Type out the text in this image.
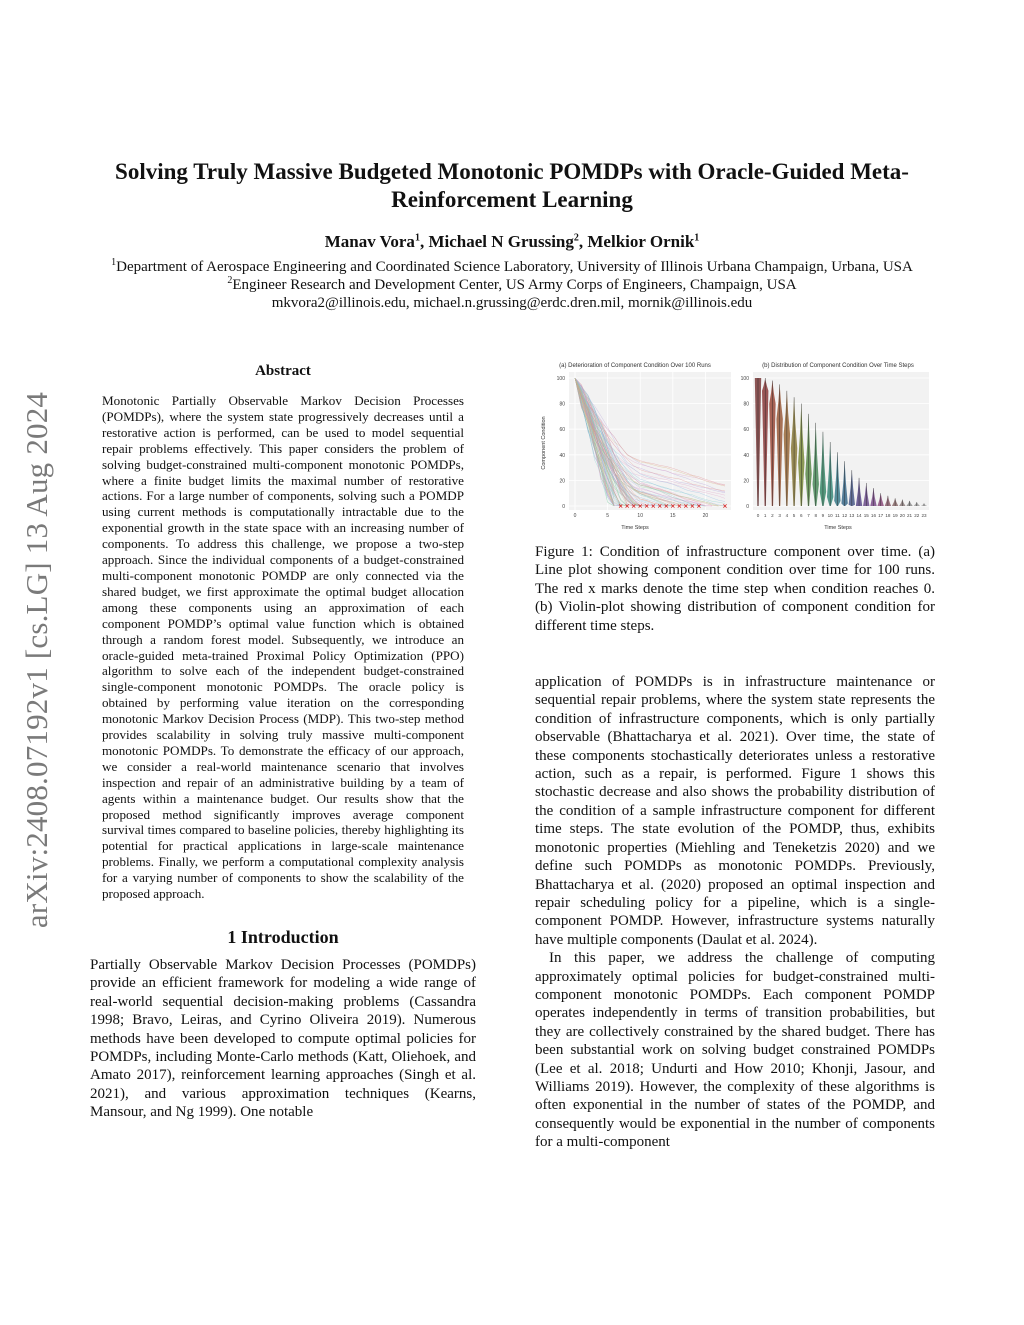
arXiv:2408.07192v1 [cs.LG] 13 Aug 2024
Solving Truly Massive Budgeted Monotonic POMDPs with Oracle-Guided Meta-Reinforcement Learning
Manav Vora$^1$, Michael N Grussing$^2$, Melkior Ornik$^1$
$^1$Department of Aerospace Engineering and Coordinated Science Laboratory, University of Illinois Urbana Champaign, Urbana, USA
$^2$Engineer Research and Development Center, US Army Corps of Engineers, Champaign, USA
mkvora2@illinois.edu, michael.n.grussing@erdc.dren.mil, mornik@illinois.edu
Abstract
Monotonic Partially Observable Markov Decision Processes (POMDPs), where the system state progressively decreases until a restorative action is performed, can be used to model sequential repair problems effectively. This paper considers the problem of solving budget-constrained multi-component monotonic POMDPs, where a finite budget limits the maximal number of restorative actions. For a large number of components, solving such a POMDP using current methods is computationally intractable due to the exponential growth in the state space with an increasing number of components. To address this challenge, we propose a two-step approach. Since the individual components of a budget-constrained multi-component monotonic POMDP are only connected via the shared budget, we first approximate the optimal budget allocation among these components using an approximation of each component POMDP’s optimal value function which is obtained through a random forest model. Subsequently, we introduce an oracle-guided meta-trained Proximal Policy Optimization (PPO) algorithm to solve each of the independent budget-constrained single-component monotonic POMDPs. The oracle policy is obtained by performing value iteration on the corresponding monotonic Markov Decision Process (MDP). This two-step method provides scalability in solving truly massive multi-component monotonic POMDPs. To demonstrate the efficacy of our approach, we consider a real-world maintenance scenario that involves inspection and repair of an administrative building by a team of agents within a maintenance budget. Our results show that the proposed method significantly improves average component survival times compared to baseline policies, thereby highlighting its potential for practical applications in large-scale maintenance problems. Finally, we perform a computational complexity analysis for a varying number of components to show the scalability of the proposed approach.
1 Introduction

Partially Observable Markov Decision Processes (POMDPs) provide an efficient framework for modeling a wide range of real-world sequential decision-making problems (Cassandra 1998; Bravo, Leiras, and Cyrino Oliveira 2019). Numerous methods have been developed to compute optimal policies for POMDPs, including Monte-Carlo methods (Katt, Oliehoek, and Amato 2017), reinforcement learning approaches (Singh et al. 2021), and various approximation techniques (Kearns, Mansour, and Ng 1999). One notable

(a) Deterioration of Component Condition Over 100 Runs	(b) Distribution of Component Condition Over Time Steps
Component Condition
Time Steps	Time Steps
0
20
40
60
80
100
0	5	10	15	20
0
20
40
60
80
100
0 1 2 3 4 5 6 7 8 9 10 11 12 13 14 15 16 17 18 19 20 21 22 23
Figure 1: Condition of infrastructure component over time. (a) Line plot showing component condition over time for 100 runs. The red x marks denote the time step when condition reaches 0. (b) Violin-plot showing distribution of component condition for different time steps.

application of POMDPs is in infrastructure maintenance or sequential repair problems, where the system state represents the condition of infrastructure components, which is only partially observable (Bhattacharya et al. 2021). Over time, the state of these components stochastically deteriorates unless a restorative action, such as a repair, is performed. Figure 1 shows this stochastic decrease and also shows the probability distribution of the condition of a sample infrastructure component for different time steps. The state evolution of the POMDP, thus, exhibits monotonic properties (Miehling and Teneketzis 2020) and we define such POMDPs as monotonic POMDPs. Previously, Bhattacharya et al. (2020) proposed an optimal inspection and repair scheduling policy for a pipeline, which is a single-component POMDP. However, infrastructure systems naturally have multiple components (Daulat et al. 2024).

In this paper, we address the challenge of computing approximately optimal policies for budget-constrained multi-component monotonic POMDPs. Each component POMDP operates independently in terms of transition probabilities, but they are collectively constrained by the shared budget. There has been substantial work on solving budget constrained POMDPs (Lee et al. 2018; Undurti and How 2010; Khonji, Jasour, and Williams 2019). However, the complexity of these algorithms is often exponential in the number of states of the POMDP, and consequently would be exponential in the number of components for a multi-component
